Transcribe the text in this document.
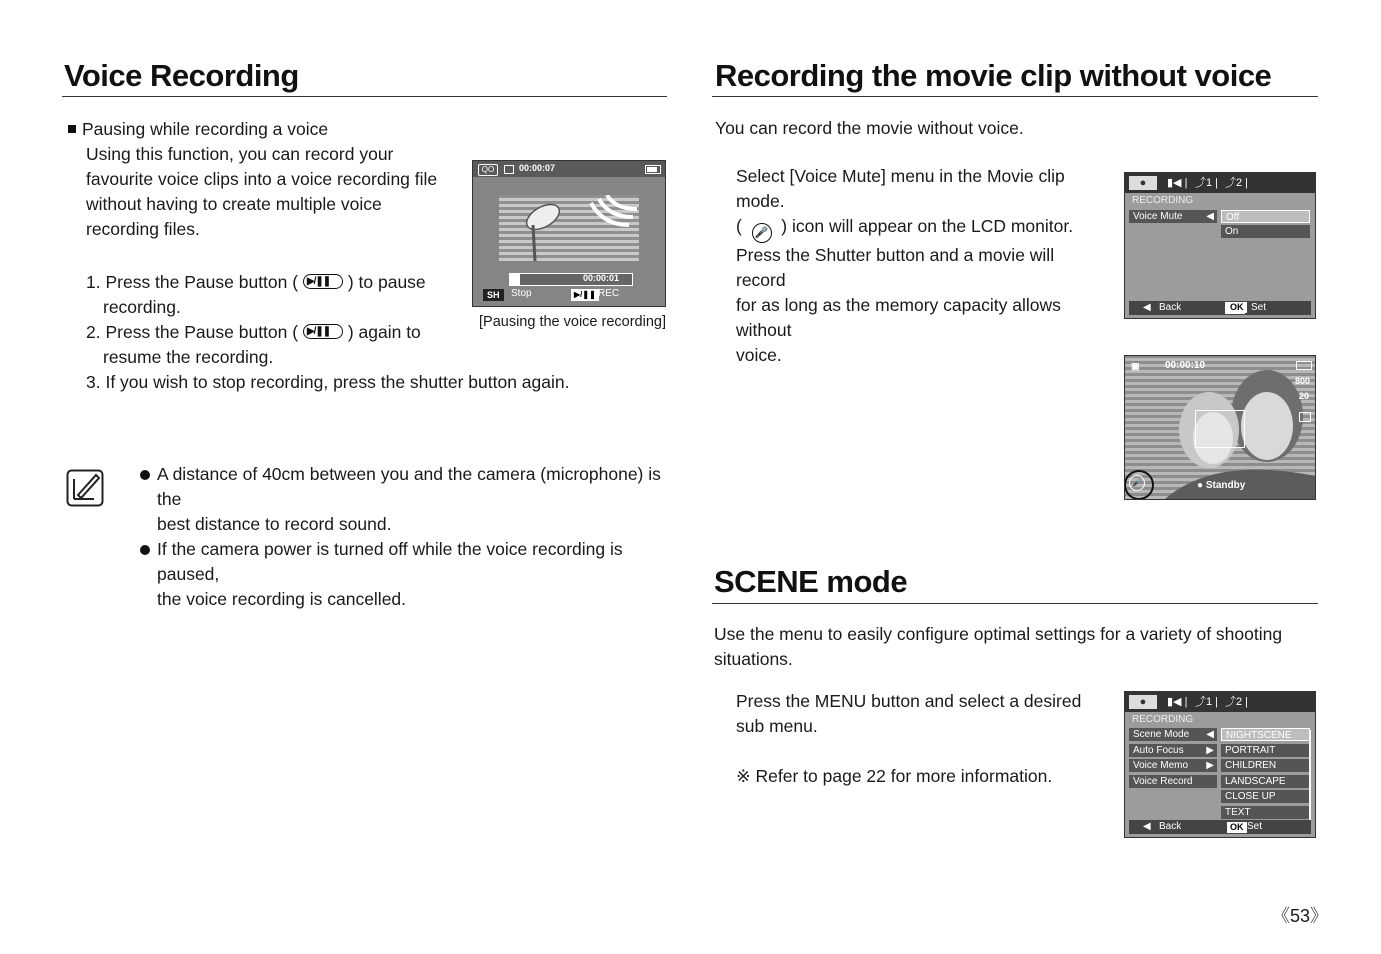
Voice Recording
Pausing while recording a voice
Using this function, you can record your
favourite voice clips into a voice recording file
without having to create multiple voice
recording files.
1. Press the Pause button ( ▶/❚❚ ) to pause
recording.
2. Press the Pause button ( ▶/❚❚ ) again to
resume the recording.
3. If you wish to stop recording, press the shutter button again.
QO	00:00:07
00:00:01
SH	Stop	▶/❚❚ REC
[Pausing the voice recording]
A distance of 40cm between you and the camera (microphone) is the
best distance to record sound.
If the camera power is turned off while the voice recording is paused,
the voice recording is cancelled.
Recording the movie clip without voice
You can record the movie without voice.
Select [Voice Mute] menu in the Movie clip mode.
( 🎤 ) icon will appear on the LCD monitor.
Press the Shutter button and a movie will record
for as long as the memory capacity allows without
voice.
●	▮◀ | ⤴1 | ⤴2 |
RECORDING
Voice Mute ◀	Off
On
◀ Back	OK Set
▣	00:00:10
800
20
🎤	● Standby
SCENE mode
Use the menu to easily configure optimal settings for a variety of shooting
situations.
Press the MENU button and select a desired
sub menu.
※ Refer to page 22 for more information.
●	▮◀ | ⤴1 | ⤴2 |
RECORDING
Scene Mode ◀
Auto Focus ▶
Voice Memo ▶
Voice Record
NIGHTSCENE
PORTRAIT
CHILDREN
LANDSCAPE
CLOSE UP
TEXT
◀ Back	OK Set
《53》
